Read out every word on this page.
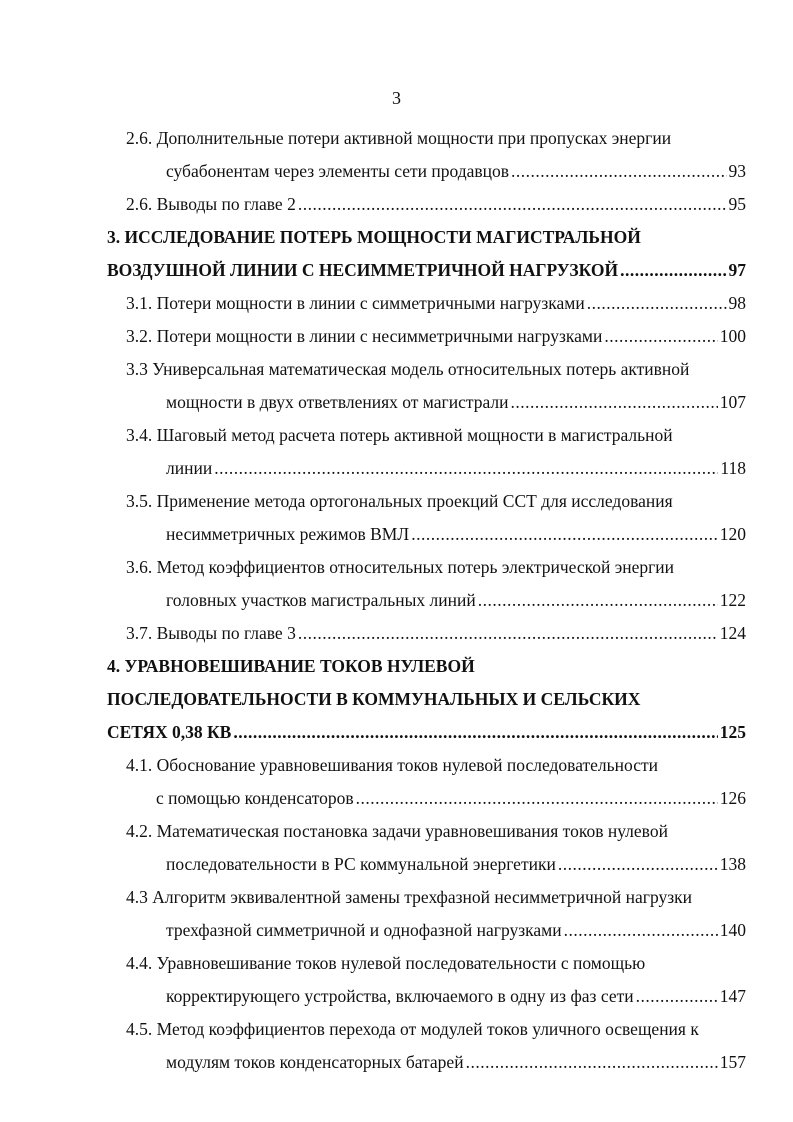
3
2.6. Дополнительные потери активной мощности при пропусках энергии
субабонентам через элементы сети продавцов .....	93
2.6. Выводы по главе 2 .....	95
3. ИССЛЕДОВАНИЕ ПОТЕРЬ МОЩНОСТИ МАГИСТРАЛЬНОЙ
ВОЗДУШНОЙ ЛИНИИ С НЕСИММЕТРИЧНОЙ НАГРУЗКОЙ .....	97
3.1. Потери мощности в линии с симметричными нагрузками .....	98
3.2. Потери мощности в линии с несимметричными нагрузками .....	100
3.3 Универсальная математическая модель относительных потерь активной
мощности в двух ответвлениях от магистрали .....	107
3.4. Шаговый метод расчета потерь активной мощности в магистральной
линии .....	118
3.5. Применение метода ортогональных проекций ССТ для исследования
несимметричных режимов ВМЛ .....	120
3.6. Метод коэффициентов относительных потерь электрической энергии
головных участков магистральных линий .....	122
3.7. Выводы по главе 3 .....	124
4. УРАВНОВЕШИВАНИЕ ТОКОВ НУЛЕВОЙ
ПОСЛЕДОВАТЕЛЬНОСТИ В КОММУНАЛЬНЫХ И СЕЛЬСКИХ
СЕТЯХ 0,38 КВ .....	125
4.1. Обоснование уравновешивания токов нулевой последовательности
с помощью конденсаторов .....	126
4.2. Математическая постановка задачи уравновешивания токов нулевой
последовательности в РС коммунальной энергетики .....	138
4.3 Алгоритм эквивалентной замены трехфазной несимметричной нагрузки
трехфазной симметричной и однофазной нагрузками .....	140
4.4. Уравновешивание токов нулевой последовательности с помощью
корректирующего устройства, включаемого в одну из фаз сети .....	147
4.5. Метод коэффициентов перехода от модулей токов уличного освещения к
модулям токов конденсаторных батарей .....	157
